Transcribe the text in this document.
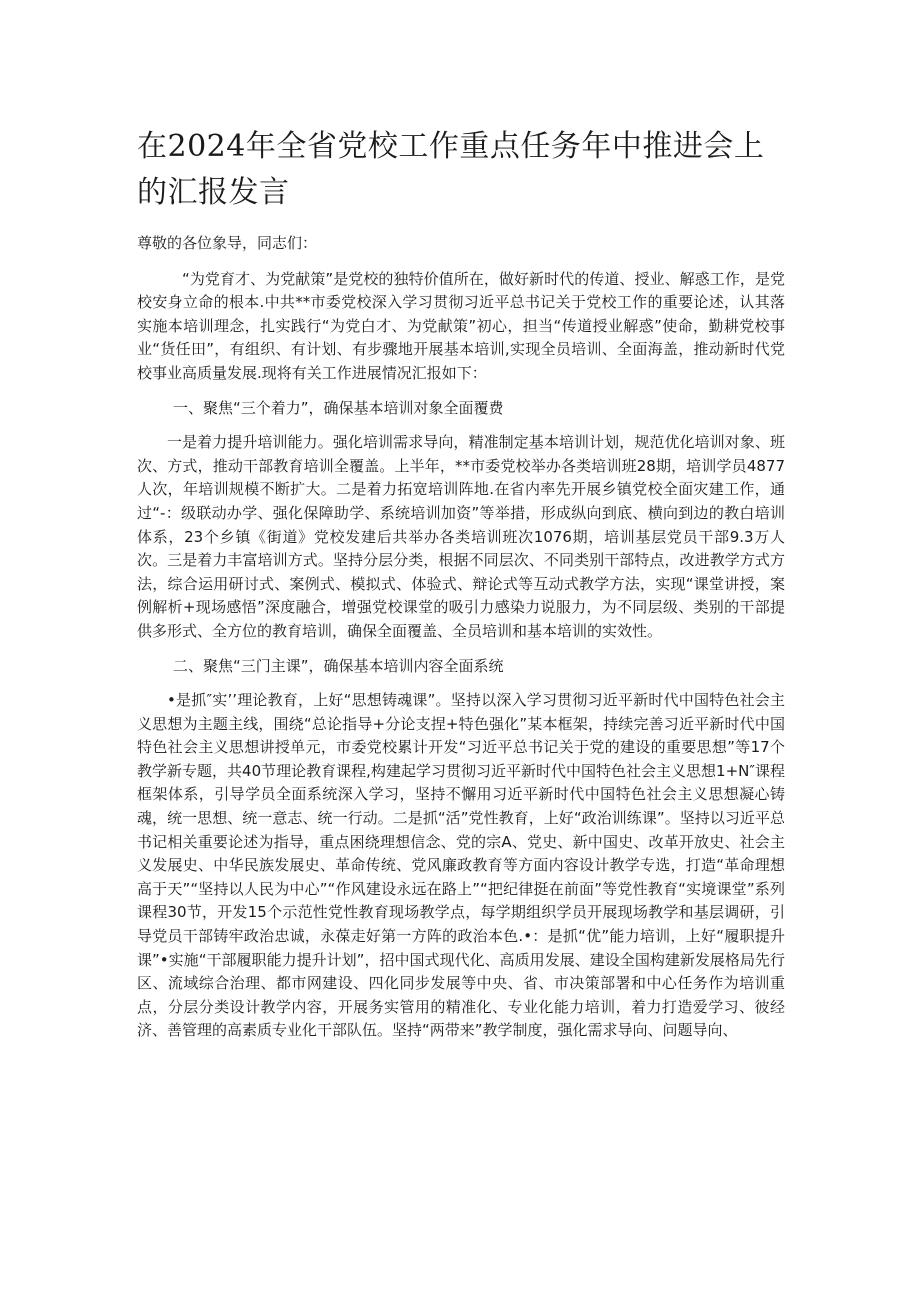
在2024年全省党校工作重点任务年中推进会上的汇报发言

尊敬的各位象导，同志们：

“为党育才、为党献策”是党校的独特价值所在，做好新时代的传道、授业、解惑工作，是党校安身立命的根本.中共**市委党校深入学习贯彻习近平总书记关于党校工作的重要论述，认其落实施本培训理念，扎实践行“为党白才、为党献策”初心，担当“传道授业解惑”使命，勤耕党校事业“货任田”，有组织、有计划、有步骤地开展基本培训,实现全员培训、全面海盖，推动新时代党校事业高质量发展.现将有关工作进展情况汇报如下：

一、聚焦“三个着力”，确保基本培训对象全面覆费

一是着力提升培训能力。强化培训需求导向，精准制定基本培训计划，规范优化培训对象、班次、方式，推动干部教育培训全覆盖。上半年，**市委党校举办各类培训班28期，培训学员4877人次，年培训规模不断扩大。二是着力拓宽培训阵地.在省内率先开展乡镇党校全面灾建工作，通过“-：级联动办学、强化保障助学、系统培训加资”等举措，形成纵向到底、横向到边的教白培训体系，23个乡镇《街道》党校发建后共举办各类培训班次1076期，培训基层党员干部9.3万人次。三是着力丰富培训方式。坚持分层分类，根据不同层次、不同类别干部特点，改进教学方式方法，综合运用研讨式、案例式、模拟式、体验式、辩论式等互动式教学方法，实现“课堂讲授，案例解析+现场感悟”深度融合，增强党校课堂的吸引力感染力说服力，为不同层级、类别的干部提供多形式、全方位的教育培训，确保全面覆盖、全员培训和基本培训的实效性。

二、聚焦“三门主课”，确保基本培训内容全面系统

•是抓″实’’理论教育，上好“思想铸魂课”。坚持以深入学习贯彻习近平新时代中国特色社会主义思想为主题主线，围绕“总论指导+分论支捏+特色强化”某本框架，持续完善习近平新时代中国特色社会主义思想讲授单元，市委党校累计开发“习近平总书记关于党的建设的重要思想”等17个教学新专题，共40节理论教育课程,构建起学习贯彻习近平新时代中国特色社会主义思想1+N″课程框架体系，引导学员全面系统深入学习，坚持不懈用习近平新时代中国特色社会主义思想凝心铸魂，统一思想、统一意志、统一行动。二是抓“活”党性教育，上好“政治训练课”。坚持以习近平总书记相关重要论述为指导，重点困绕理想信念、党的宗A、党史、新中国史、改革开放史、社会主义发展史、中华民族发展史、革命传统、党风廉政教育等方面内容设计教学专选，打造“革命理想高于天”“坚持以人民为中心”“作风建设永远在路上”“把纪律挺在前面”等党性教育“实境课堂”系列课程30节，开发15个示范性党性教育现场教学点，每学期组织学员开展现场教学和基层调研，引导党员干部铸牢政治忠诚，永葆走好第一方阵的政治本色.•：是抓“优”能力培训，上好“履职提升课”•实施“干部履职能力提升计划”，招中国式现代化、高质用发展、建设全国构建新发展格局先行区、流域综合治理、都市网建设、四化同步发展等中央、省、市决策部署和中心任务作为培训重点，分层分类设计教学内容，开展务实管用的精准化、专业化能力培训，着力打造爱学习、彼经济、善管理的高素质专业化干部队伍。坚持“两带来”教学制度，强化需求导向、问题导向、
